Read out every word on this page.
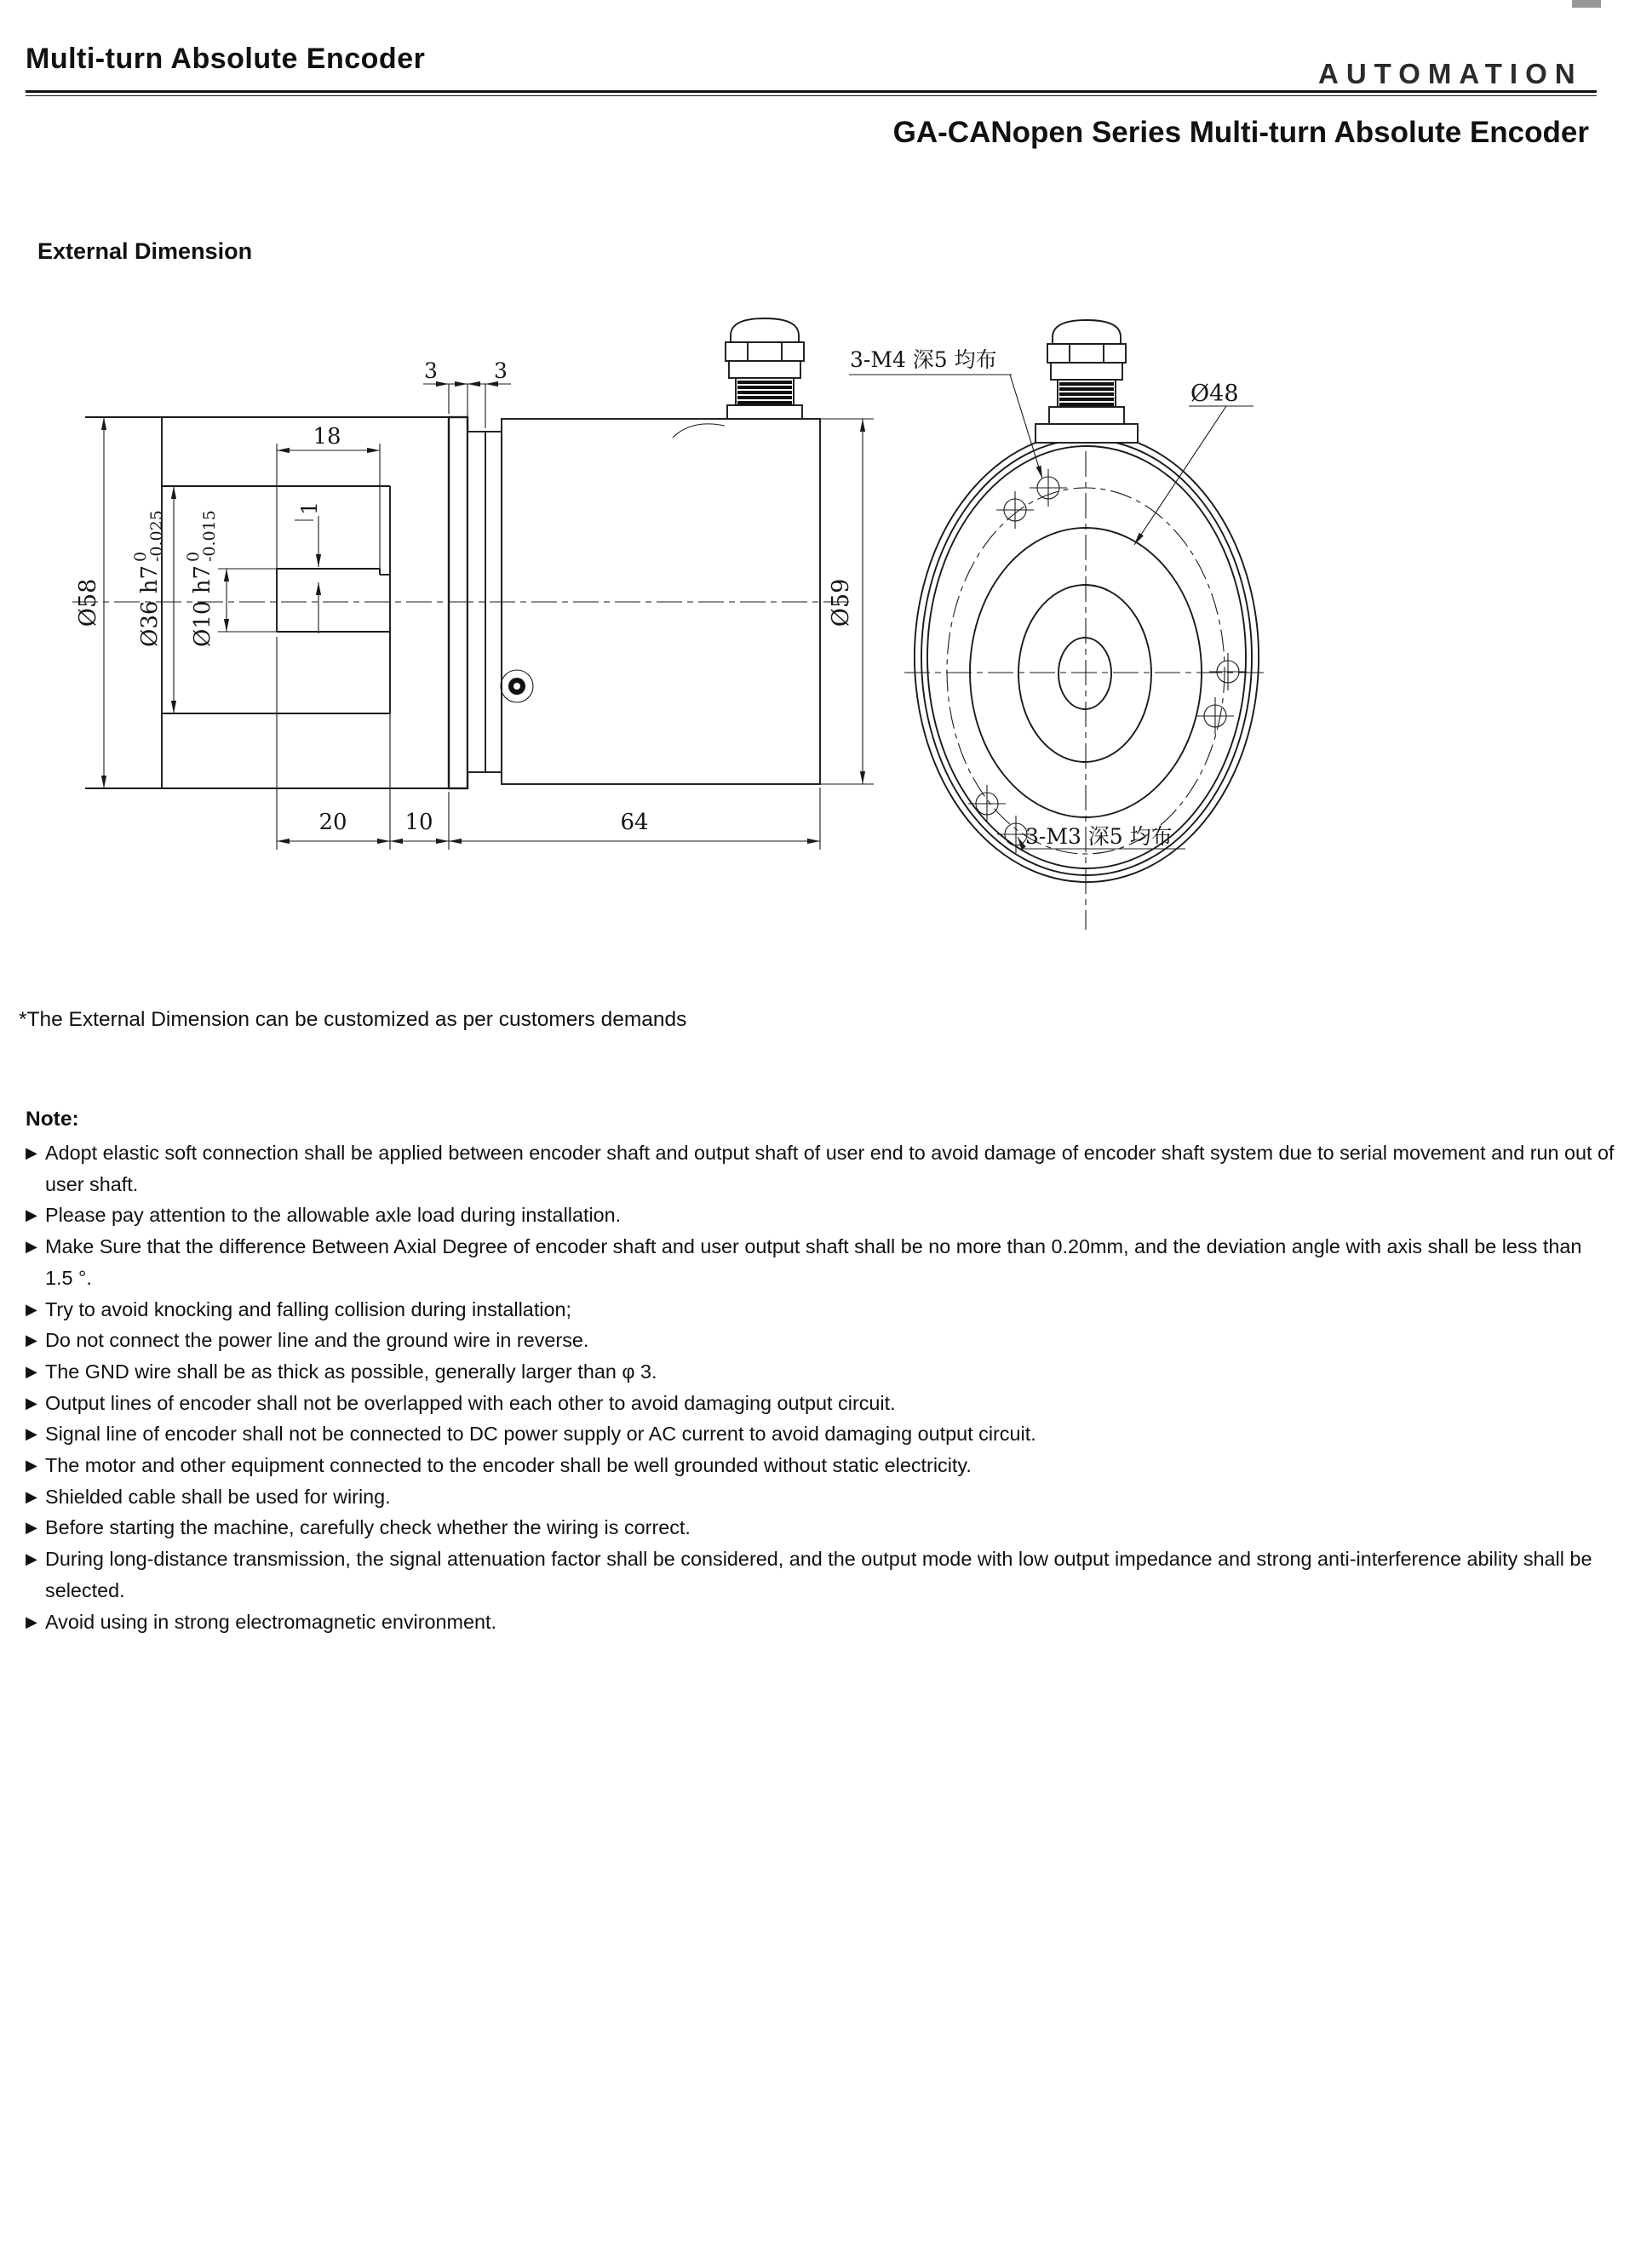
Multi-turn Absolute Encoder	AUTOMATION
GA-CANopen Series Multi-turn Absolute Encoder
External Dimension
Ø58 Ø36 h7
0
-0.025
Ø10 h7
0
-0.015
Ø59
1
18
3	3
20	10	64
3-M4 深5 均布
Ø48
3-M3 深5 均布
*The External Dimension can be customized as per customers demands
Note:
▶ Adopt elastic soft connection shall be applied between encoder shaft and output shaft of user end to avoid damage of encoder shaft system due to serial movement and run out of user shaft.
▶ Please pay attention to the allowable axle load during installation.
▶ Make Sure that the difference Between Axial Degree of encoder shaft and user output shaft shall be no more than 0.20mm, and the deviation angle with axis shall be less than 1.5 °.
▶ Try to avoid knocking and falling collision during installation;
▶ Do not connect the power line and the ground wire in reverse.
▶ The GND wire shall be as thick as possible, generally larger than φ 3.
▶ Output lines of encoder shall not be overlapped with each other to avoid damaging output circuit.
▶ Signal line of encoder shall not be connected to DC power supply or AC current to avoid damaging output circuit.
▶ The motor and other equipment connected to the encoder shall be well grounded without static electricity.
▶ Shielded cable shall be used for wiring.
▶ Before starting the machine, carefully check whether the wiring is correct.
▶ During long-distance transmission, the signal attenuation factor shall be considered, and the output mode with low output impedance and strong anti-interference ability shall be selected.
▶ Avoid using in strong electromagnetic environment.
